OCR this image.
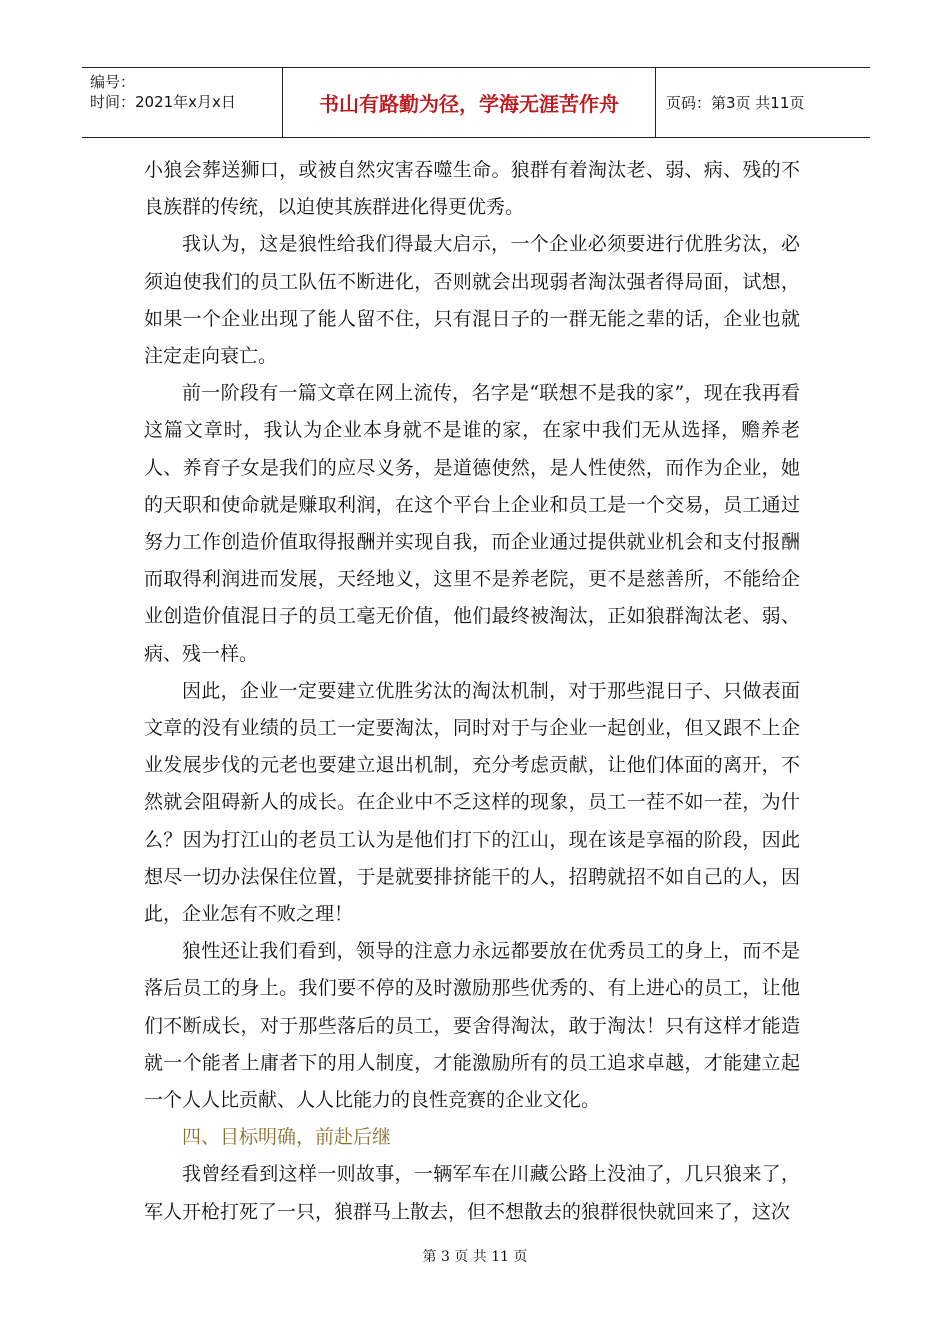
编号：
时间：2021年x月x日	书山有路勤为径，学海无涯苦作舟	页码：第3页 共11页

小狼会葬送狮口，或被自然灾害吞噬生命。狼群有着淘汰老、弱、病、残的不良族群的传统，以迫使其族群进化得更优秀。

我认为，这是狼性给我们得最大启示，一个企业必须要进行优胜劣汰，必须迫使我们的员工队伍不断进化，否则就会出现弱者淘汰强者得局面，试想，如果一个企业出现了能人留不住，只有混日子的一群无能之辈的话，企业也就注定走向衰亡。

前一阶段有一篇文章在网上流传，名字是“联想不是我的家”，现在我再看这篇文章时，我认为企业本身就不是谁的家，在家中我们无从选择，赡养老人、养育子女是我们的应尽义务，是道德使然，是人性使然，而作为企业，她的天职和使命就是赚取利润，在这个平台上企业和员工是一个交易，员工通过努力工作创造价值取得报酬并实现自我，而企业通过提供就业机会和支付报酬而取得利润进而发展，天经地义，这里不是养老院，更不是慈善所，不能给企业创造价值混日子的员工毫无价值，他们最终被淘汰，正如狼群淘汰老、弱、病、残一样。

因此，企业一定要建立优胜劣汰的淘汰机制，对于那些混日子、只做表面文章的没有业绩的员工一定要淘汰，同时对于与企业一起创业，但又跟不上企业发展步伐的元老也要建立退出机制，充分考虑贡献，让他们体面的离开，不然就会阻碍新人的成长。在企业中不乏这样的现象，员工一茬不如一茬，为什么？因为打江山的老员工认为是他们打下的江山，现在该是享福的阶段，因此想尽一切办法保住位置，于是就要排挤能干的人，招聘就招不如自己的人，因此，企业怎有不败之理！

狼性还让我们看到，领导的注意力永远都要放在优秀员工的身上，而不是落后员工的身上。我们要不停的及时激励那些优秀的、有上进心的员工，让他们不断成长，对于那些落后的员工，要舍得淘汰，敢于淘汰！只有这样才能造就一个能者上庸者下的用人制度，才能激励所有的员工追求卓越，才能建立起一个人人比贡献、人人比能力的良性竞赛的企业文化。

四、目标明确，前赴后继

我曾经看到这样一则故事，一辆军车在川藏公路上没油了，几只狼来了，军人开枪打死了一只，狼群马上散去，但不想散去的狼群很快就回来了，这次

第 3 页 共 11 页
